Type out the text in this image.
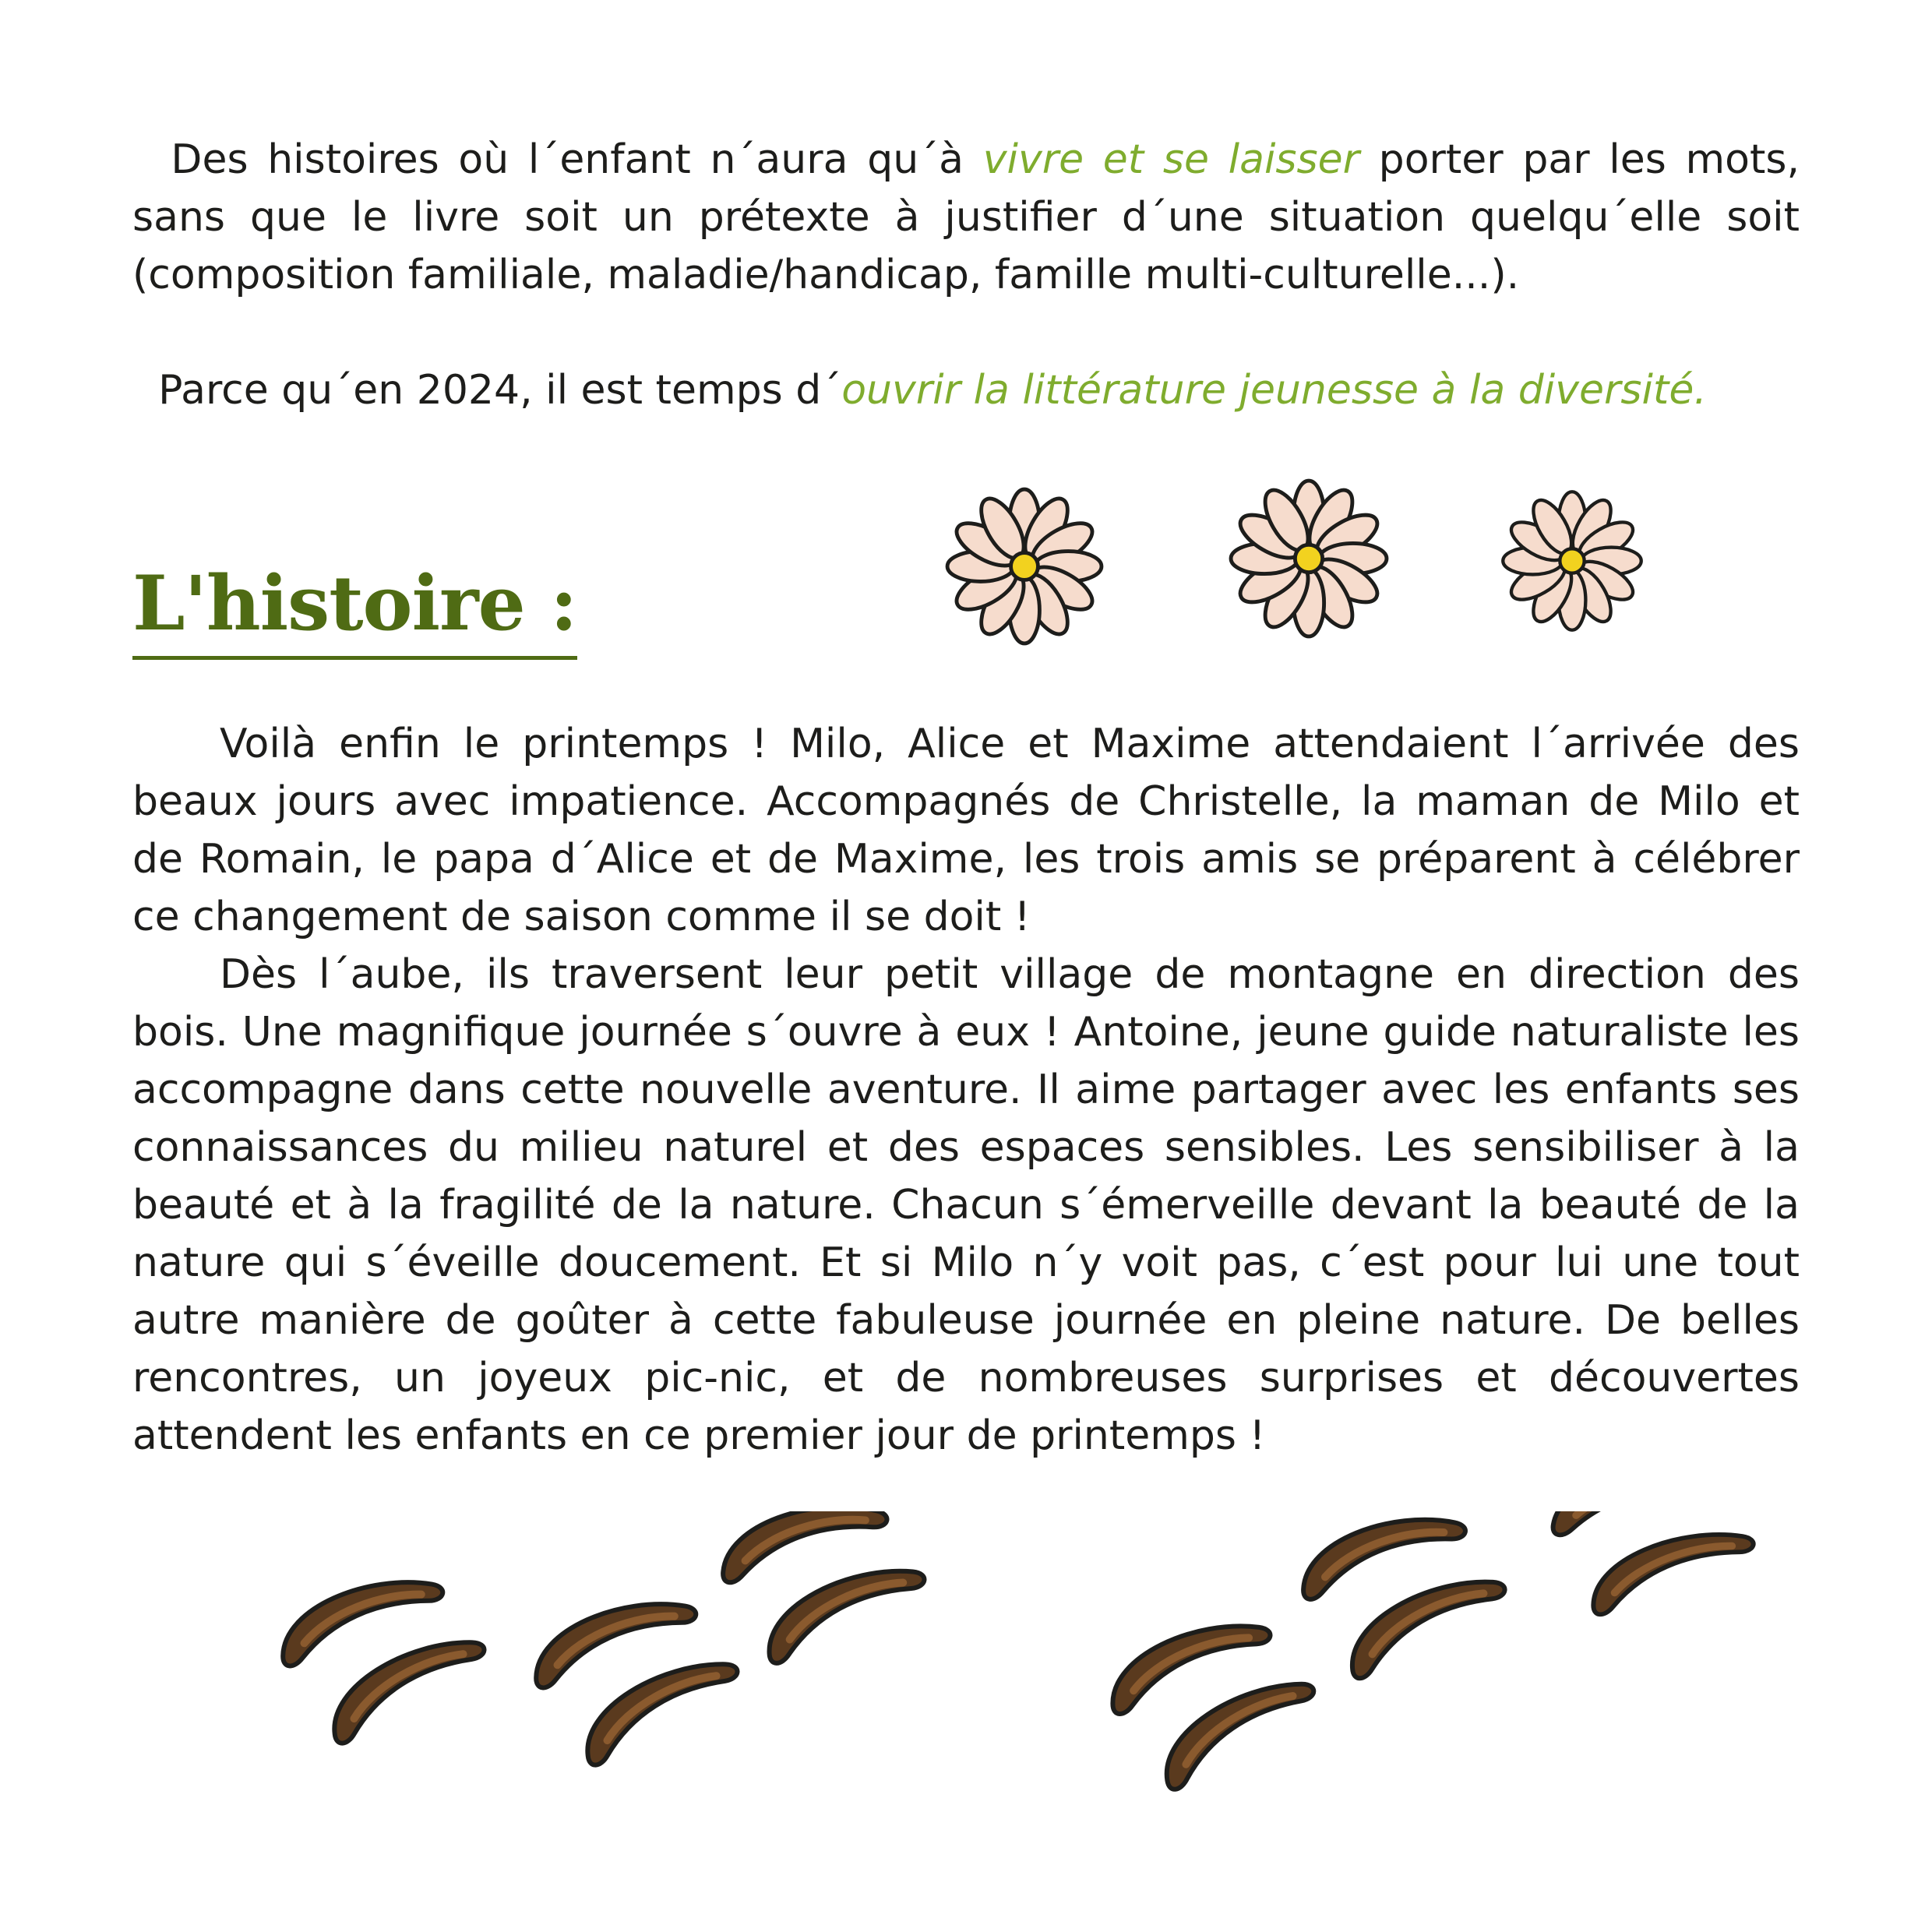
Des histoires où l´enfant n´aura qu´à vivre et se laisser porter par les mots, sans que le livre soit un prétexte à justifier d´une situation quelqu´elle soit (composition familiale, maladie/handicap, famille multi-culturelle...).

Parce qu´en 2024, il est temps d´ouvrir la littérature jeunesse à la diversité.

L'histoire :

Voilà enfin le printemps ! Milo, Alice et Maxime attendaient l´arrivée des beaux jours avec impatience. Accompagnés de Christelle, la maman de Milo et de Romain, le papa d´Alice et de Maxime, les trois amis se préparent à célébrer ce changement de saison comme il se doit !

Dès l´aube, ils traversent leur petit village de montagne en direction des bois. Une magnifique journée s´ouvre à eux ! Antoine, jeune guide naturaliste les accompagne dans cette nouvelle aventure. Il aime partager avec les enfants ses connaissances du milieu naturel et des espaces sensibles. Les sensibiliser à la beauté et à la fragilité de la nature. Chacun s´émerveille devant la beauté de la nature qui s´éveille doucement. Et si Milo n´y voit pas, c´est pour lui une tout autre manière de goûter à cette fabuleuse journée en pleine nature. De belles rencontres, un joyeux pic-nic, et de nombreuses surprises et découvertes attendent les enfants en ce premier jour de printemps !
